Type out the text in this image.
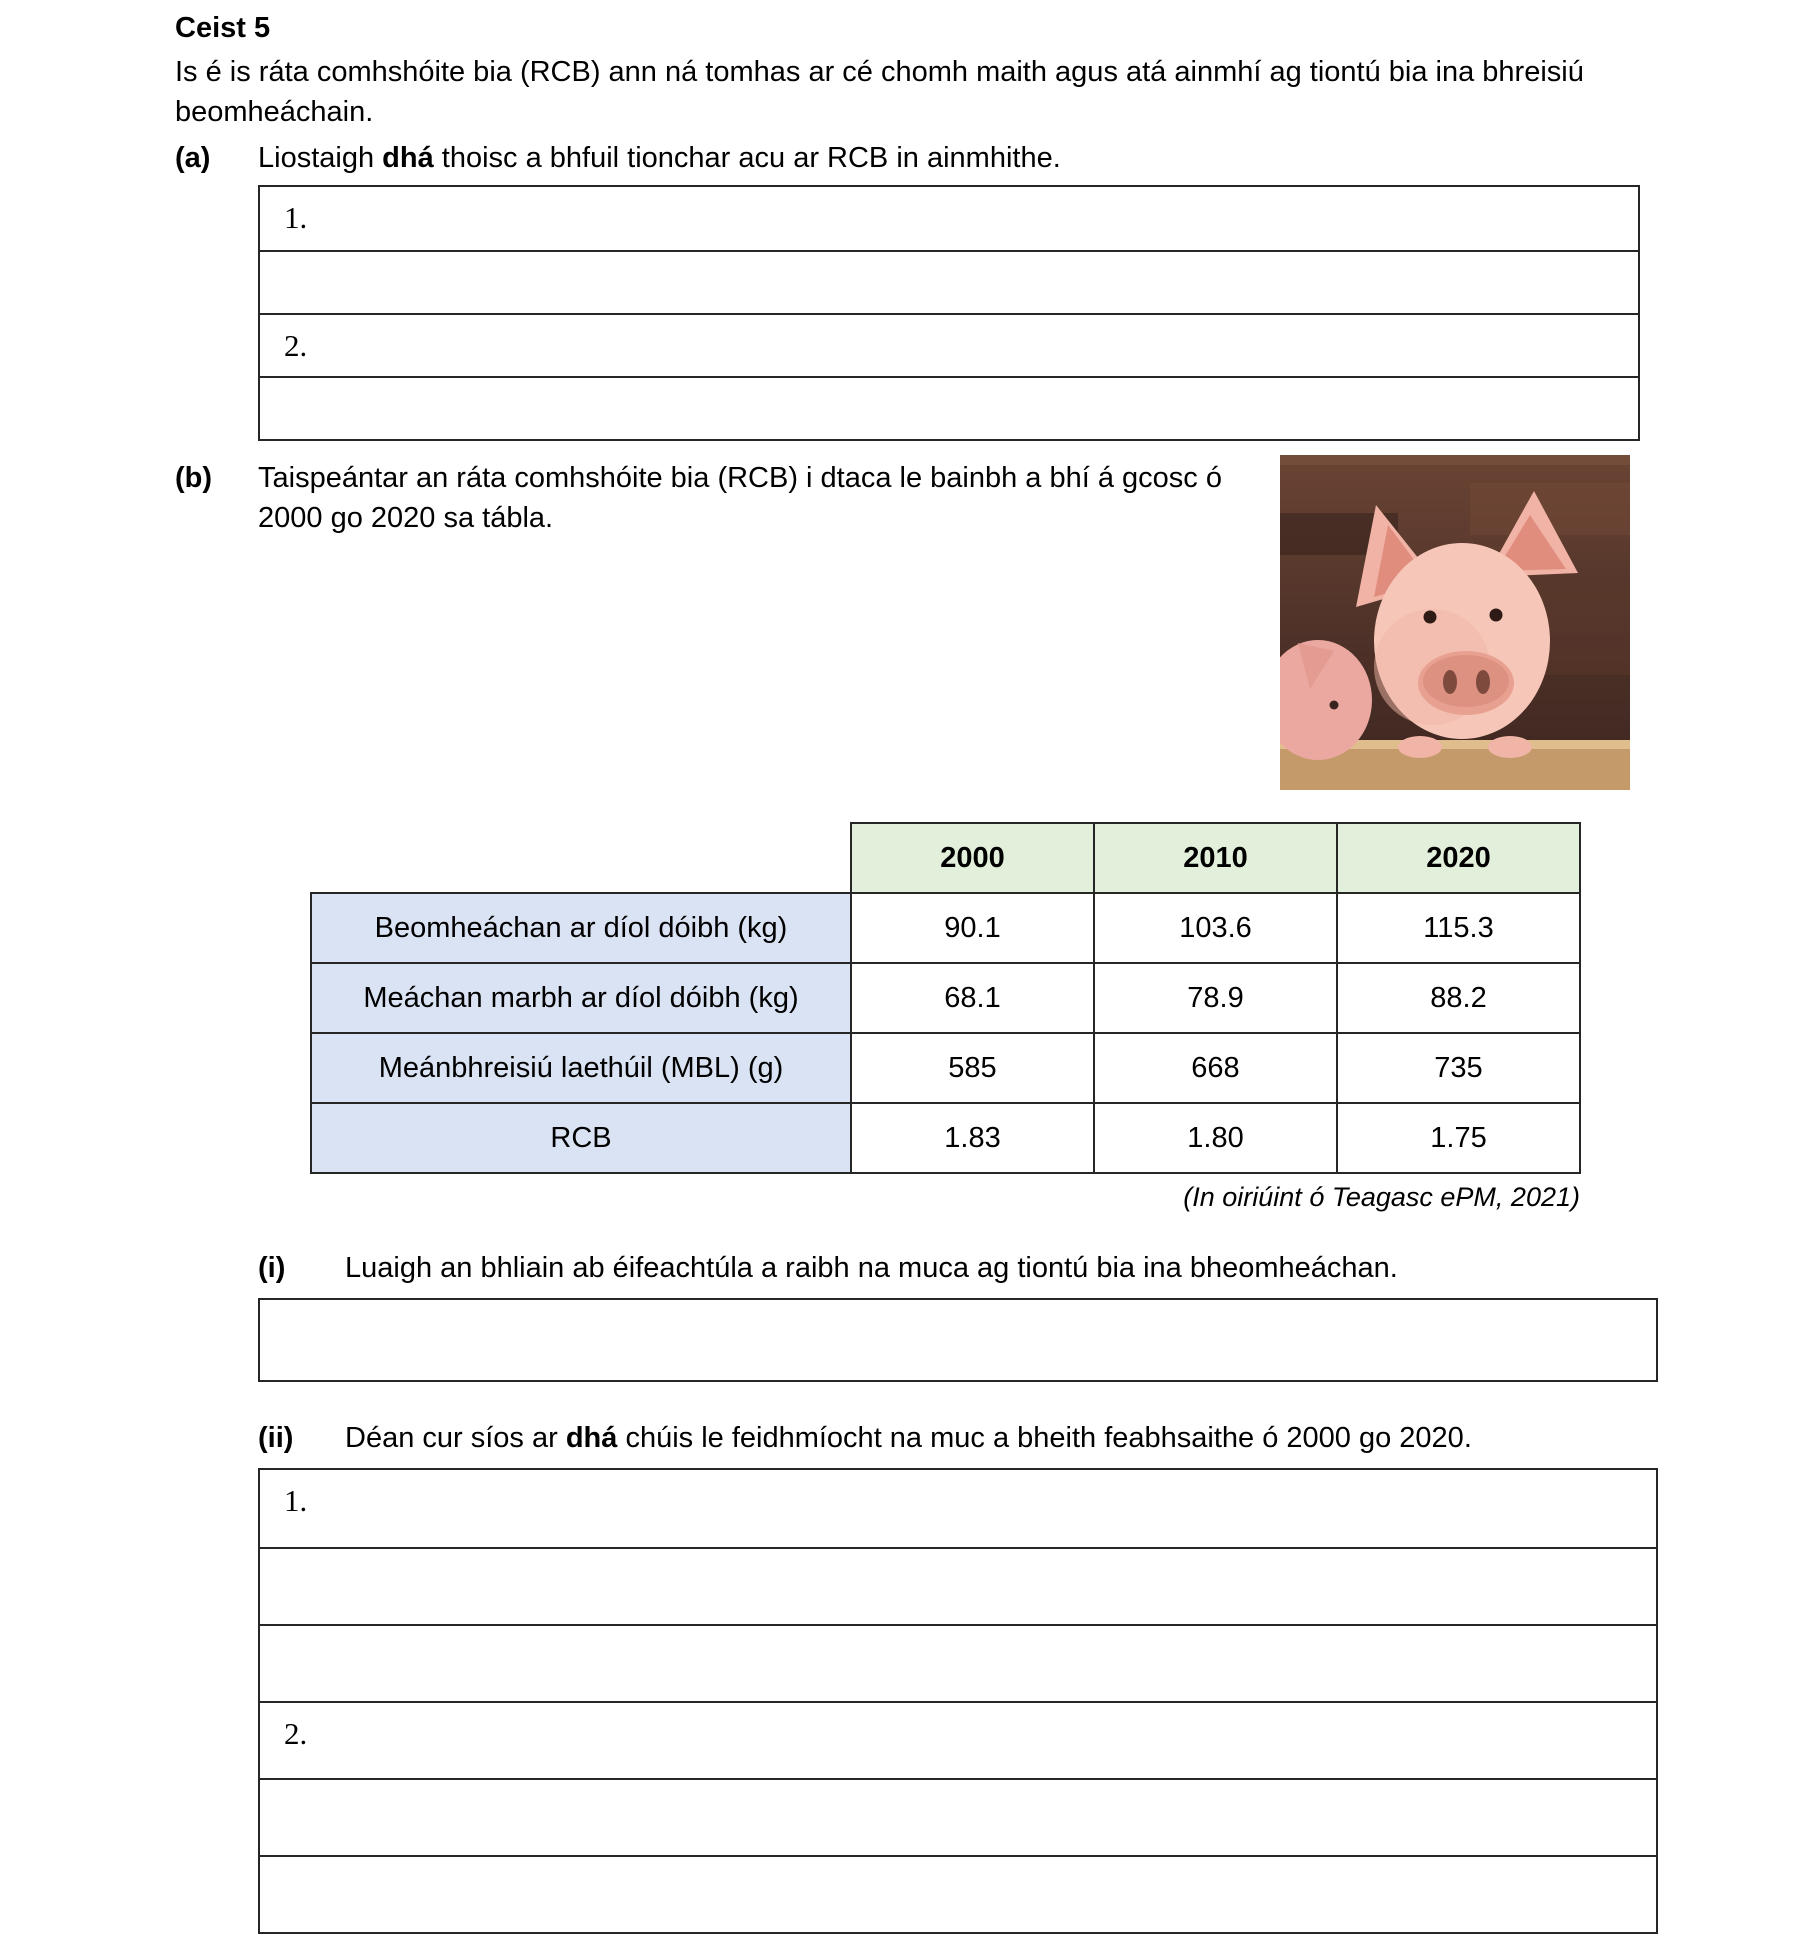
Ceist 5
Is é is ráta comhshóite bia (RCB) ann ná tomhas ar cé chomh maith agus atá ainmhí ag tiontú bia ina bhreisiú beomheáchain.
(a) Liostaigh dhá thoisc a bhfuil tionchar acu ar RCB in ainmhithe.
1.
2.
(b) Taispeántar an ráta comhshóite bia (RCB) i dtaca le bainbh a bhí á gcosc ó 2000 go 2020 sa tábla.
	2000	2010	2020
Beomheáchan ar díol dóibh (kg)	90.1	103.6	115.3
Meáchan marbh ar díol dóibh (kg)	68.1	78.9	88.2
Meánbhreisiú laethúil (MBL) (g)	585	668	735
RCB	1.83	1.80	1.75
(In oiriúint ó Teagasc ePM, 2021)
(i) Luaigh an bhliain ab éifeachtúla a raibh na muca ag tiontú bia ina bheomheáchan.
(ii) Déan cur síos ar dhá chúis le feidhmíocht na muc a bheith feabhsaithe ó 2000 go 2020.
1.
2.
